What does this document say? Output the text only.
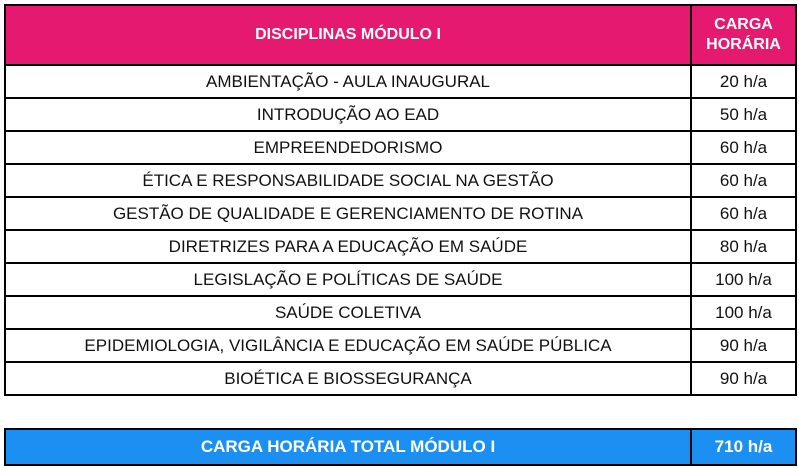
DISCIPLINAS MÓDULO I	CARGA
HORÁRIA
AMBIENTAÇÃO - AULA INAUGURAL	20 h/a
INTRODUÇÃO AO EAD	50 h/a
EMPREENDEDORISMO	60 h/a
ÉTICA E RESPONSABILIDADE SOCIAL NA GESTÃO	60 h/a
GESTÃO DE QUALIDADE E GERENCIAMENTO DE ROTINA	60 h/a
DIRETRIZES PARA A EDUCAÇÃO EM SAÚDE	80 h/a
LEGISLAÇÃO E POLÍTICAS DE SAÚDE	100 h/a
SAÚDE COLETIVA	100 h/a
EPIDEMIOLOGIA, VIGILÂNCIA E EDUCAÇÃO EM SAÚDE PÚBLICA	90 h/a
BIOÉTICA E BIOSSEGURANÇA	90 h/a
CARGA HORÁRIA TOTAL MÓDULO I	710 h/a
